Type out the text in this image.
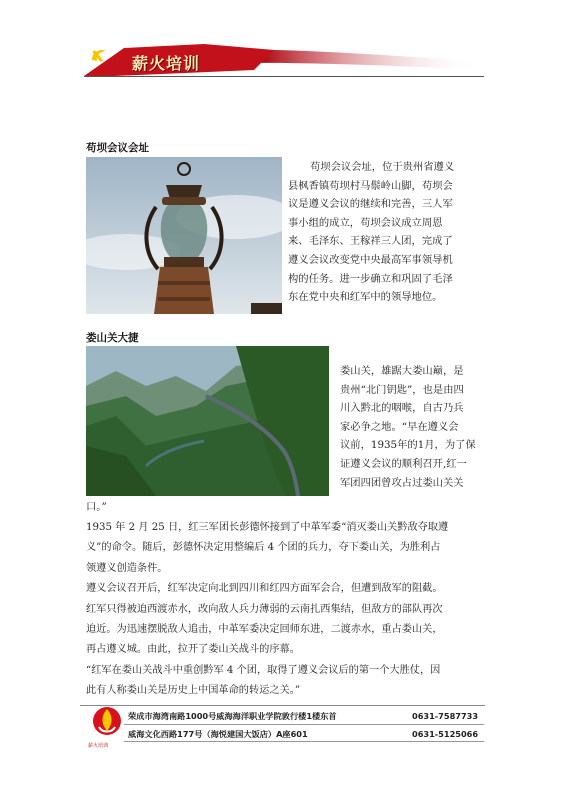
薪火培训
苟坝会议会址
苟坝会议会址，位于贵州省遵义
县枫香镇苟坝村马鬃岭山脚，苟坝会
议是遵义会议的继续和完善，三人军
事小组的成立，苟坝会议成立周恩
来、毛泽东、王稼祥三人团，完成了
遵义会议改变党中央最高军事领导机
构的任务。进一步确立和巩固了毛泽
东在党中央和红军中的领导地位。
娄山关大捷
娄山关，雄踞大娄山巅，是
贵州“北门钥匙”，也是由四
川入黔北的咽喉，自古乃兵
家必争之地。“早在遵义会
议前，1935年的1月，为了保
证遵义会议的顺利召开,红一
军团四团曾攻占过娄山关关
口。”
1935 年 2 月 25 日，红三军团长彭德怀接到了中革军委“消灭娄山关黔敌夺取遵
义”的命令。随后，彭德怀决定用整编后 4 个团的兵力，夺下娄山关，为胜利占
领遵义创造条件。
遵义会议召开后，红军决定向北到四川和红四方面军会合，但遭到敌军的阻截。
红军只得被迫西渡赤水，改向敌人兵力薄弱的云南扎西集结，但敌方的部队再次
迫近。为迅速摆脱敌人追击，中革军委决定回师东进，二渡赤水，重占娄山关，
再占遵义城。由此，拉开了娄山关战斗的序幕。
“红军在娄山关战斗中重创黔军 4 个团，取得了遵义会议后的第一个大胜仗，因
此有人称娄山关是历史上中国革命的转运之关。”
薪火培训
荣成市海湾南路1000号威海海洋职业学院敦行楼1楼东首	0631-7587733
威海文化西路177号（海悦建国大饭店）A座601	0631-5125066
